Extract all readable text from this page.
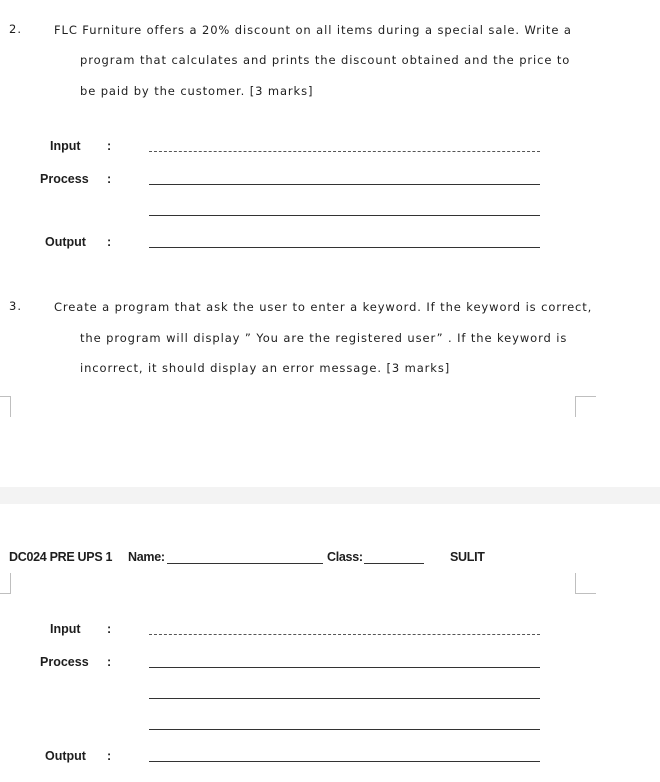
2.	FLC Furniture offers a 20% discount on all items during a special sale. Write a
program that calculates and prints the discount obtained and the price to
be paid by the customer. [3 marks]
Input :
Process :
Output :
3.	Create a program that ask the user to enter a keyword. If the keyword is correct,
the program will display ” You are the registered user” . If the keyword is
incorrect, it should display an error message. [3 marks]
DC024 PRE UPS 1 Name:	Class:	SULIT
Input :
Process :
Output :
